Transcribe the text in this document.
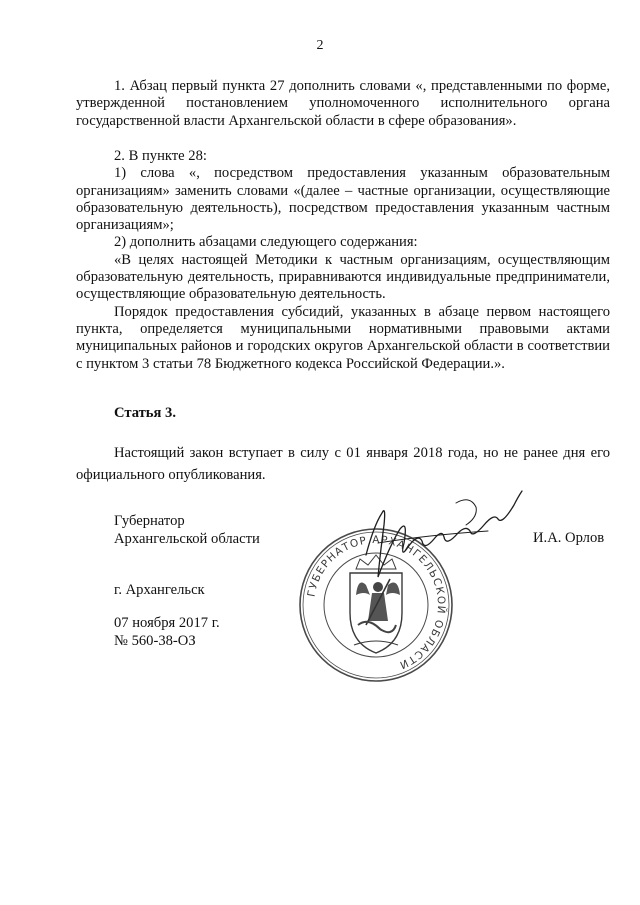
2

1. Абзац первый пункта 27 дополнить словами «, представленными по форме, утвержденной постановлением уполномоченного исполнительного органа государственной власти Архангельской области в сфере образования».

2. В пункте 28:

1) слова «, посредством предоставления указанным образовательным организациям» заменить словами «(далее – частные организации, осуществляющие образовательную деятельность), посредством предоставления указанным частным организациям»;

2) дополнить абзацами следующего содержания:

«В целях настоящей Методики к частным организациям, осуществляющим образовательную деятельность, приравниваются индивидуальные предприниматели, осуществляющие образовательную деятельность.

Порядок предоставления субсидий, указанных в абзаце первом настоящего пункта, определяется муниципальными нормативными правовыми актами муниципальных районов и городских округов Архангельской области в соответствии с пунктом 3 статьи 78 Бюджетного кодекса Российской Федерации.».

Статья 3.

Настоящий закон вступает в силу с 01 января 2018 года, но не ранее дня его официального опубликования.

Губернатор
Архангельской области
ГУБЕРНАТОР АРХАНГЕЛЬСКОЙ ОБЛАСТИ
И.А. Орлов
г. Архангельск
07 ноября 2017 г.
№ 560-38-ОЗ
